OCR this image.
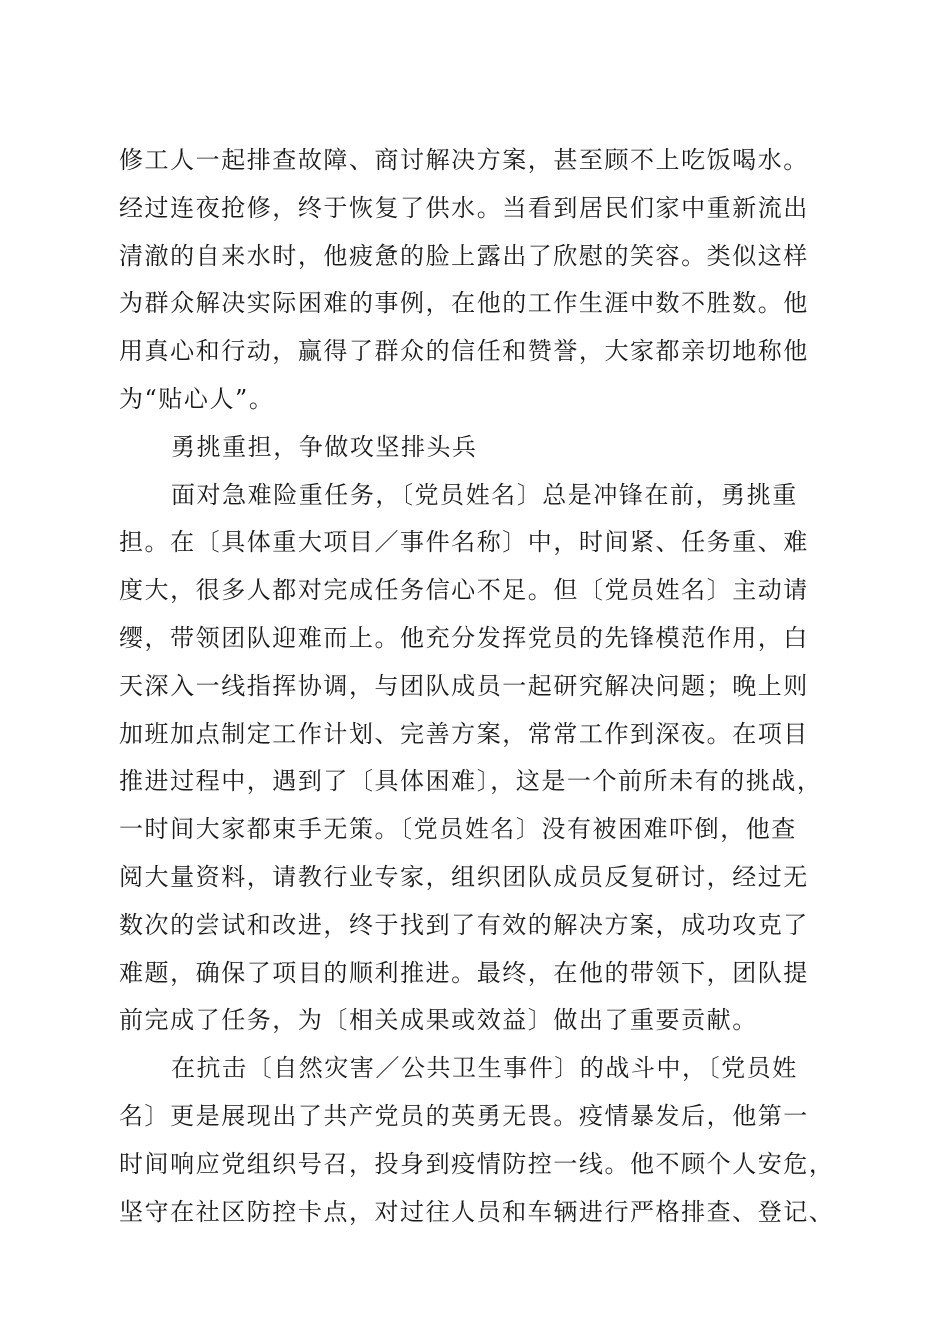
修工人一起排查故障、商讨解决方案，甚至顾不上吃饭喝水。
经过连夜抢修，终于恢复了供水。当看到居民们家中重新流出
清澈的自来水时，他疲惫的脸上露出了欣慰的笑容。类似这样
为群众解决实际困难的事例，在他的工作生涯中数不胜数。他
用真心和行动，赢得了群众的信任和赞誉，大家都亲切地称他
为“贴心人”。
勇挑重担，争做攻坚排头兵
面对急难险重任务，〔党员姓名〕总是冲锋在前，勇挑重
担。在〔具体重大项目／事件名称〕中，时间紧、任务重、难
度大，很多人都对完成任务信心不足。但〔党员姓名〕主动请
缨，带领团队迎难而上。他充分发挥党员的先锋模范作用，白
天深入一线指挥协调，与团队成员一起研究解决问题；晚上则
加班加点制定工作计划、完善方案，常常工作到深夜。在项目
推进过程中，遇到了〔具体困难〕，这是一个前所未有的挑战，
一时间大家都束手无策。〔党员姓名〕没有被困难吓倒，他查
阅大量资料，请教行业专家，组织团队成员反复研讨，经过无
数次的尝试和改进，终于找到了有效的解决方案，成功攻克了
难题，确保了项目的顺利推进。最终，在他的带领下，团队提
前完成了任务，为〔相关成果或效益〕做出了重要贡献。
在抗击〔自然灾害／公共卫生事件〕的战斗中，〔党员姓
名〕更是展现出了共产党员的英勇无畏。疫情暴发后，他第一
时间响应党组织号召，投身到疫情防控一线。他不顾个人安危，
坚守在社区防控卡点，对过往人员和车辆进行严格排查、登记、
